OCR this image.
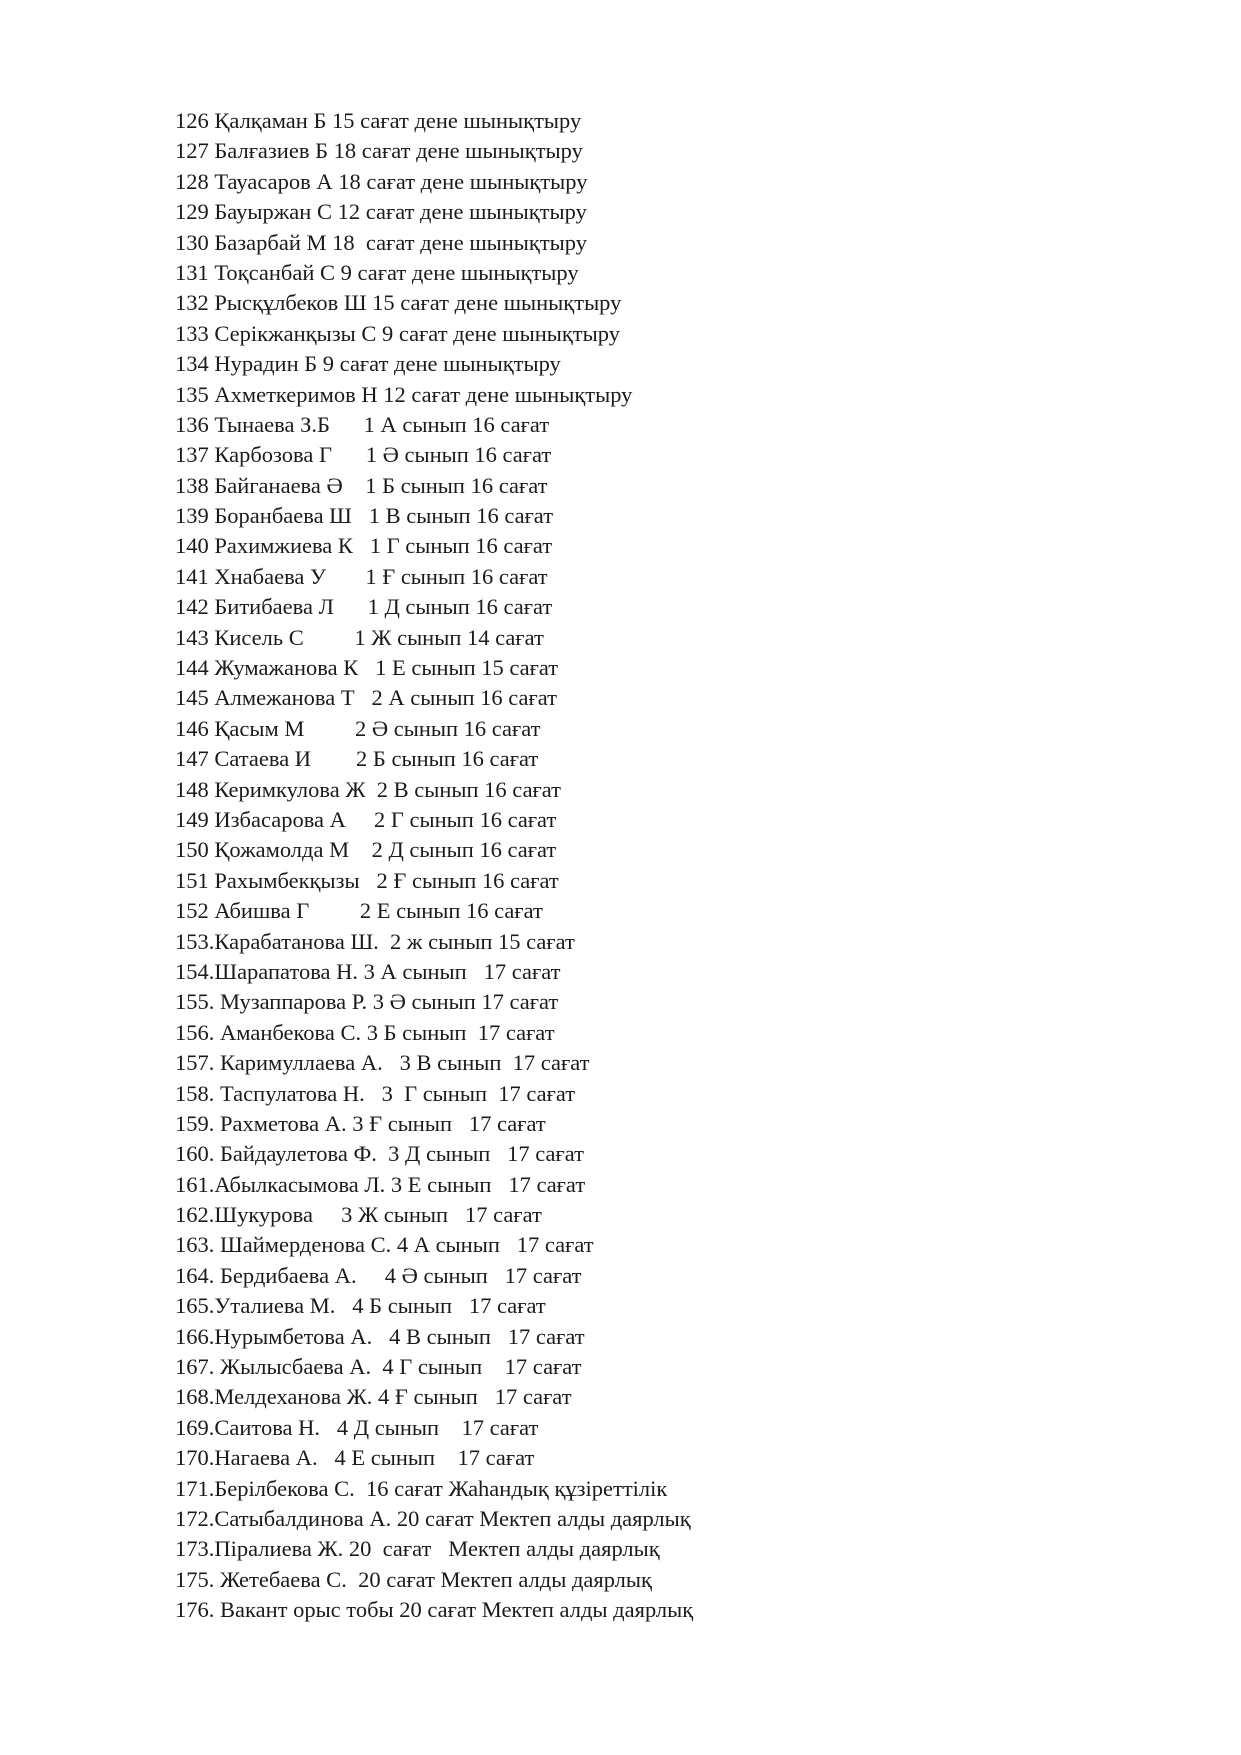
126 Қалқаман Б 15 сағат дене шынықтыру
127 Балғазиев Б 18 сағат дене шынықтыру
128 Тауасаров А 18 сағат дене шынықтыру
129 Бауыржан С 12 сағат дене шынықтыру
130 Базарбай М 18  сағат дене шынықтыру
131 Тоқсанбай С 9 сағат дене шынықтыру
132 Рысқұлбеков Ш 15 сағат дене шынықтыру
133 Серікжанқызы С 9 сағат дене шынықтыру
134 Нурадин Б 9 сағат дене шынықтыру
135 Ахметкеримов Н 12 сағат дене шынықтыру
136 Тынаева З.Б      1 А сынып 16 сағат
137 Карбозова Г      1 Ә сынып 16 сағат
138 Байганаева Ә    1 Б сынып 16 сағат
139 Боранбаева Ш   1 В сынып 16 сағат
140 Рахимжиева К   1 Г сынып 16 сағат
141 Хнабаева У       1 Ғ сынып 16 сағат
142 Битибаева Л      1 Д сынып 16 сағат
143 Кисель С         1 Ж сынып 14 сағат
144 Жумажанова К   1 Е сынып 15 сағат
145 Алмежанова Т   2 А сынып 16 сағат
146 Қасым М         2 Ә сынып 16 сағат
147 Сатаева И        2 Б сынып 16 сағат
148 Керимкулова Ж  2 В сынып 16 сағат
149 Избасарова А     2 Г сынып 16 сағат
150 Қожамолда М    2 Д сынып 16 сағат
151 Рахымбекқызы   2 Ғ сынып 16 сағат
152 Абишва Г         2 Е сынып 16 сағат
153.Карабатанова Ш.  2 ж сынып 15 сағат
154.Шарапатова Н. 3 А сынып   17 сағат
155. Музаппарова Р. 3 Ә сынып 17 сағат
156. Аманбекова С. 3 Б сынып  17 сағат
157. Каримуллаева А.   3 В сынып  17 сағат
158. Таспулатова Н.   3  Г сынып  17 сағат
159. Рахметова А. 3 Ғ сынып   17 сағат
160. Байдаулетова Ф.  3 Д сынып   17 сағат
161.Абылкасымова Л. 3 Е сынып   17 сағат
162.Шукурова     3 Ж сынып   17 сағат
163. Шаймерденова С. 4 А сынып   17 сағат
164. Бердибаева А.     4 Ә сынып   17 сағат
165.Уталиева М.   4 Б сынып   17 сағат
166.Нурымбетова А.   4 В сынып   17 сағат
167. Жылысбаева А.  4 Г сынып    17 сағат
168.Мелдеханова Ж. 4 Ғ сынып   17 сағат
169.Саитова Н.   4 Д сынып    17 сағат
170.Нагаева А.   4 Е сынып    17 сағат
171.Берілбекова С.  16 сағат Жаһандық құзіреттілік
172.Сатыбалдинова А. 20 сағат Мектеп алды даярлық
173.Піралиева Ж. 20  сағат   Мектеп алды даярлық
175. Жетебаева С.  20 сағат Мектеп алды даярлық
176. Вакант орыс тобы 20 сағат Мектеп алды даярлық
